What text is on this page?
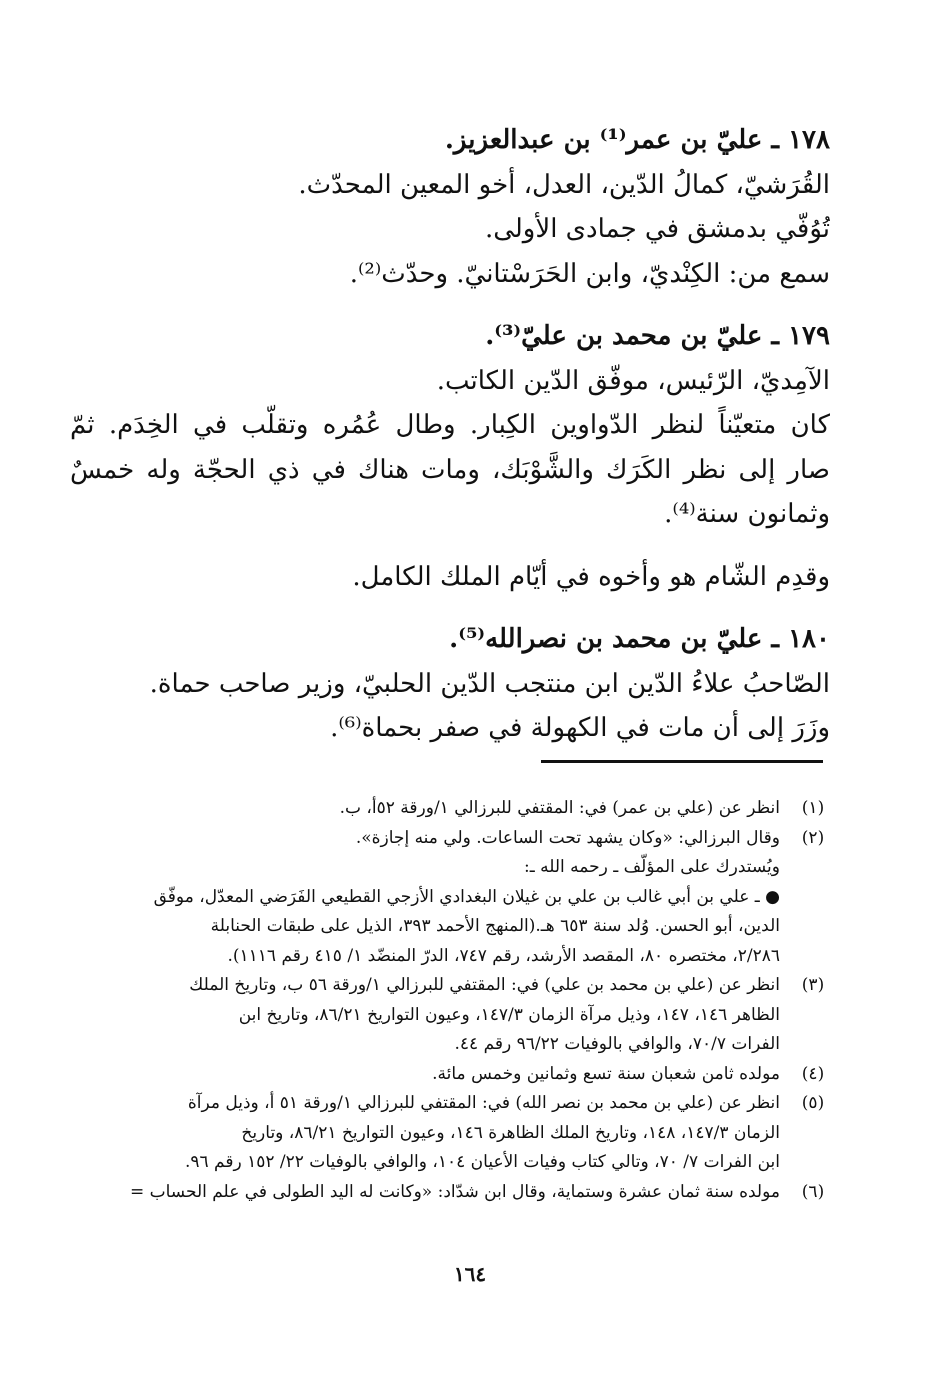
١٧٨ ـ عليّ بن عمر⁽¹⁾ بن عبدالعزيز.
القُرَشيّ، كمالُ الدّين، العدل، أخو المعين المحدّث.
تُوُفّي بدمشق في جمادى الأولى.
سمع من: الكِنْديّ، وابن الحَرَسْتانيّ. وحدّث⁽²⁾.
١٧٩ ـ عليّ بن محمد بن عليّ⁽³⁾.
الآمِديّ، الرّئيس، موفّق الدّين الكاتب.
كان متعيّناً لنظر الدّواوين الكِبار. وطال عُمُره وتقلّب في الخِدَم. ثمّ
صار إلى نظر الكَرَك والشَّوْبَك، ومات هناك في ذي الحجّة وله خمسٌ
وثمانون سنة⁽⁴⁾.
وقدِم الشّام هو وأخوه في أيّام الملك الكامل.
١٨٠ ـ عليّ بن محمد بن نصرالله⁽⁵⁾.
الصّاحبُ علاءُ الدّين ابن منتجب الدّين الحلبيّ، وزير صاحب حماة.
وزَرَ إلى أن مات في الكهولة في صفر بحماة⁽⁶⁾.
(١)
انظر عن (علي بن عمر) في: المقتفي للبرزالي ١/ورقة ٥٢أ، ب.
(٢)
وقال البرزالي: «وكان يشهد تحت الساعات. ولي منه إجازة».
ويُستدرك على المؤلّف ـ رحمه الله ـ:
● ـ علي بن أبي غالب بن علي بن غيلان البغدادي الأزجي القطيعي الفَرَضي المعدّل، موفّق
الدين، أبو الحسن. وُلد سنة ٦٥٣ هـ.(المنهج الأحمد ٣٩٣، الذيل على طبقات الحنابلة
٢/٢٨٦، مختصره ٨٠، المقصد الأرشد، رقم ٧٤٧، الدرّ المنضّد ١/ ٤١٥ رقم ١١١٦).
(٣)
انظر عن (علي بن محمد بن علي) في: المقتفي للبرزالي ١/ورقة ٥٦ ب، وتاريخ الملك
الظاهر ١٤٦، ١٤٧، وذيل مرآة الزمان ١٤٧/٣، وعيون التواريخ ٨٦/٢١، وتاريخ ابن
الفرات ٧٠/٧، والوافي بالوفيات ٩٦/٢٢ رقم ٤٤.
(٤)
مولده ثامن شعبان سنة تسع وثمانين وخمس مائة.
(٥)
انظر عن (علي بن محمد بن نصر الله) في: المقتفي للبرزالي ١/ورقة ٥١ أ، وذيل مرآة
الزمان ١٤٧/٣، ١٤٨، وتاريخ الملك الظاهرة ١٤٦، وعيون التواريخ ٨٦/٢١، وتاريخ
ابن الفرات ٧/ ٧٠، وتالي كتاب وفيات الأعيان ١٠٤، والوافي بالوفيات ٢٢/ ١٥٢ رقم ٩٦.
(٦)
مولده سنة ثمان عشرة وستماية، وقال ابن شدّاد: «وكانت له اليد الطولى في علم الحساب =
١٦٤
